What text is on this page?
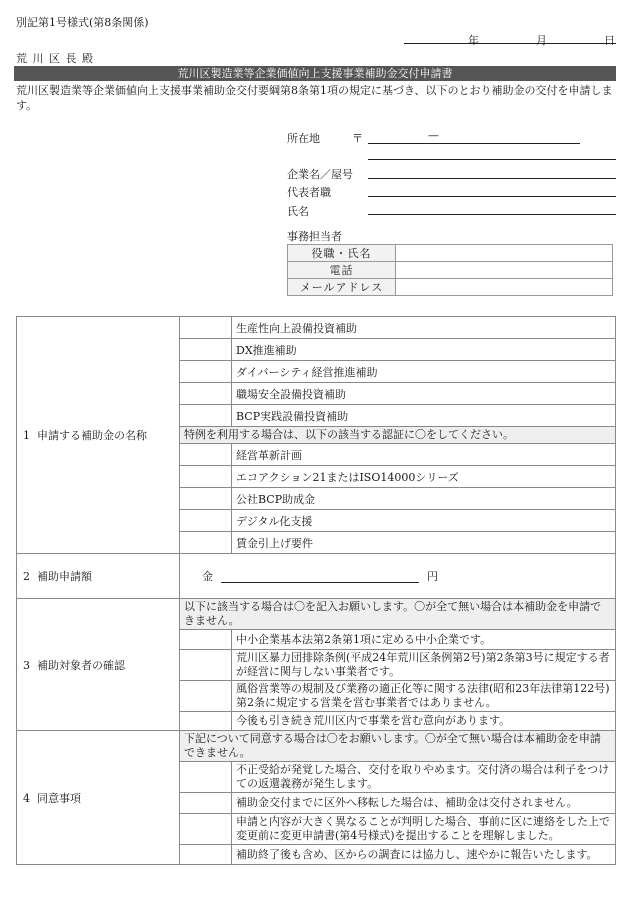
別記第1号様式(第8条関係)
年	月	日
荒 川 区 長 殿
荒川区製造業等企業価値向上支援事業補助金交付申請書
荒川区製造業等企業価値向上支援事業補助金交付要綱第8条第1項の規定に基づき、以下のとおり補助金の交付を申請します。
所在地	〒	—
企業名／屋号
代表者職
氏名
事務担当者
役職・氏名	
電話	
メールアドレス	
1 申請する補助金の名称		生産性向上設備投資補助
		DX推進補助
		ダイバーシティ経営推進補助
		職場安全設備投資補助
		BCP実践設備投資補助
	特例を利用する場合は、以下の該当する認証に〇をしてください。	
		経営革新計画
		エコアクション21またはISO14000シリーズ
		公社BCP助成金
		デジタル化支援
		賃金引上げ要件
2 補助申請額	金 円	

3 補助対象者の確認	以下に該当する場合は〇を記入お願いします。〇が全て無い場合は本補助金を申請できません。	
		中小企業基本法第2条第1項に定める中小企業です。
		荒川区暴力団排除条例(平成24年荒川区条例第2号)第2条第3号に規定する者が経営に関与しない事業者です。
		風俗営業等の規制及び業務の適正化等に関する法律(昭和23年法律第122号)第2条に規定する営業を営む事業者ではありません。
		今後も引き続き荒川区内で事業を営む意向があります。
4 同意事項	下記について同意する場合は〇をお願いします。〇が全て無い場合は本補助金を申請できません。	
		不正受給が発覚した場合、交付を取りやめます。交付済の場合は利子をつけての返還義務が発生します。
		補助金交付までに区外へ移転した場合は、補助金は交付されません。
		申請と内容が大きく異なることが判明した場合、事前に区に連絡をした上で変更前に変更申請書(第4号様式)を提出することを理解しました。
		補助終了後も含め、区からの調査には協力し、速やかに報告いたします。
